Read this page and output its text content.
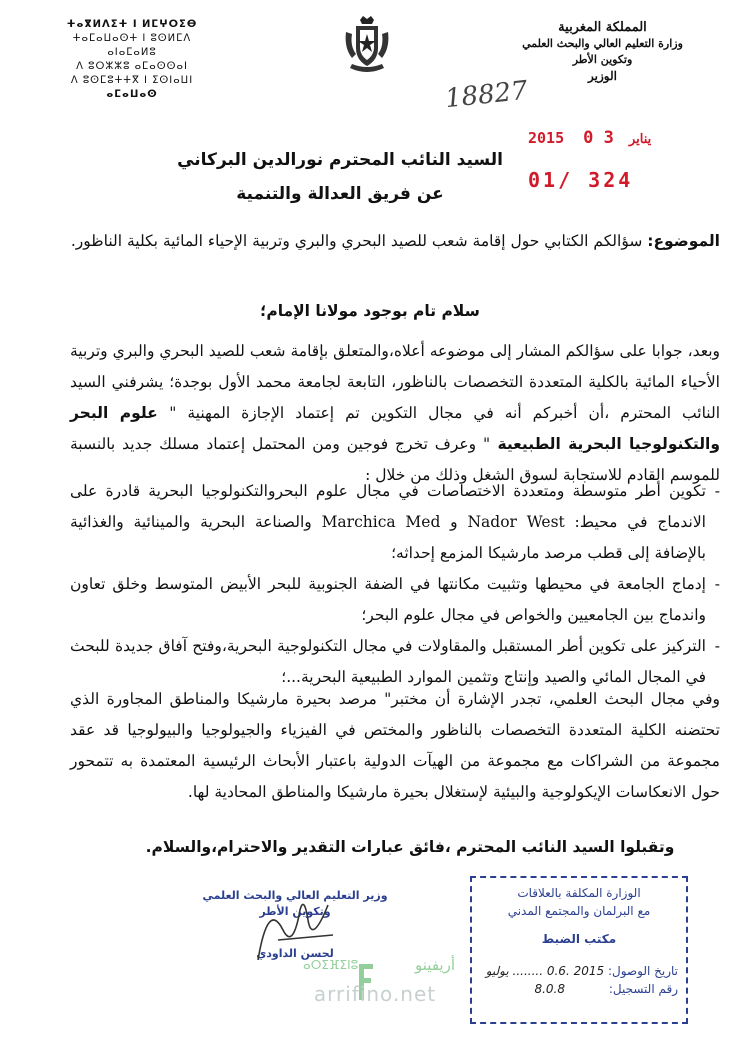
ⵜⴰⴳⵍⴷⵉⵜ ⵏ ⵍⵎⵖⵔⵉⴱ
ⵜⴰⵎⴰⵡⴰⵙⵜ ⵏ ⵓⵙⵍⵎⴷ ⴰⵏⴰⵎⴰⵍⵓ
ⴷ ⵓⵔⵣⵣⵓ ⴰⵎⴰⵙⵙⴰⵏ
ⴷ ⵓⵙⵎⵓⵜⵜⴳ ⵏ ⵉⵙⵏⴰⵡⵏ
ⴰⵎⴰⵡⴰⵙ
المملكة المغربية
وزارة التعليم العالي والبحث العلمي
وتكوين الأطر
الوزير
18827
2015	يناير 3 0
01/ 324
السيد النائب المحترم نورالدين البركاني
عن فريق العدالة والتنمية
الموضوع: سؤالكم الكتابي حول إقامة شعب للصيد البحري والبري وتربية الإحياء المائية بكلية الناظور.
سلام تام بوجود مولانا الإمام؛
وبعد، جوابا على سؤالكم المشار إلى موضوعه أعلاه،والمتعلق بإقامة شعب للصيد البحري والبري وتربية الأحياء المائية بالكلية المتعددة التخصصات بالناظور، التابعة لجامعة محمد الأول بوجدة؛ يشرفني السيد النائب المحترم ،أن أخبركم أنه في مجال التكوين تم إعتماد الإجازة المهنية " علوم البحر والتكنولوجيا البحرية الطبيعية " وعرف تخرج فوجين ومن المحتمل إعتماد مسلك جديد بالنسبة للموسم القادم للاستجابة لسوق الشغل وذلك من خلال :
- تكوين أطر متوسطة ومتعددة الاختصاصات في مجال علوم البحروالتكنولوجيا البحرية قادرة على الاندماج في محيط: Nador West و Marchica Med والصناعة البحرية والمينائية والغذائية بالإضافة إلى قطب مرصد مارشيكا المزمع إحداثه؛
- إدماج الجامعة في محيطها وتثبيت مكانتها في الضفة الجنوبية للبحر الأبيض المتوسط وخلق تعاون واندماج بين الجامعيين والخواص في مجال علوم البحر؛
- التركيز على تكوين أطر المستقبل والمقاولات في مجال التكنولوجية البحرية،وفتح آفاق جديدة للبحث في المجال المائي والصيد وإنتاج وتثمين الموارد الطبيعية البحرية...؛
وفي مجال البحث العلمي، تجدر الإشارة أن مختبر" مرصد بحيرة مارشيكا والمناطق المجاورة الذي تحتضنه الكلية المتعددة التخصصات بالناظور والمختص في الفيزياء والجيولوجيا والبيولوجيا قد عقد مجموعة من الشراكات مع مجموعة من الهيآت الدولية باعتبار الأبحاث الرئيسية المعتمدة به تتمحور حول الانعكاسات الإيكولوجية والبيئية لإستغلال بحيرة مارشيكا والمناطق المحادية لها.
وتقبلوا السيد النائب المحترم ،فائق عبارات التقدير والاحترام،والسلام.
وزير التعليم العالي والبحث العلمي
وتكوين الأطر
لحسن الداودي
الوزارة المكلفة بالعلاقات
مع البرلمان والمجتمع المدني
مكتب الضبط
تاريخ الوصول: 2015 .0.6 ........ يوليو
رقم التسجيل: 8.0.8
ⴰⵔⵉⴼⵉⵏⵓ	أريفينو
arrifino.net
